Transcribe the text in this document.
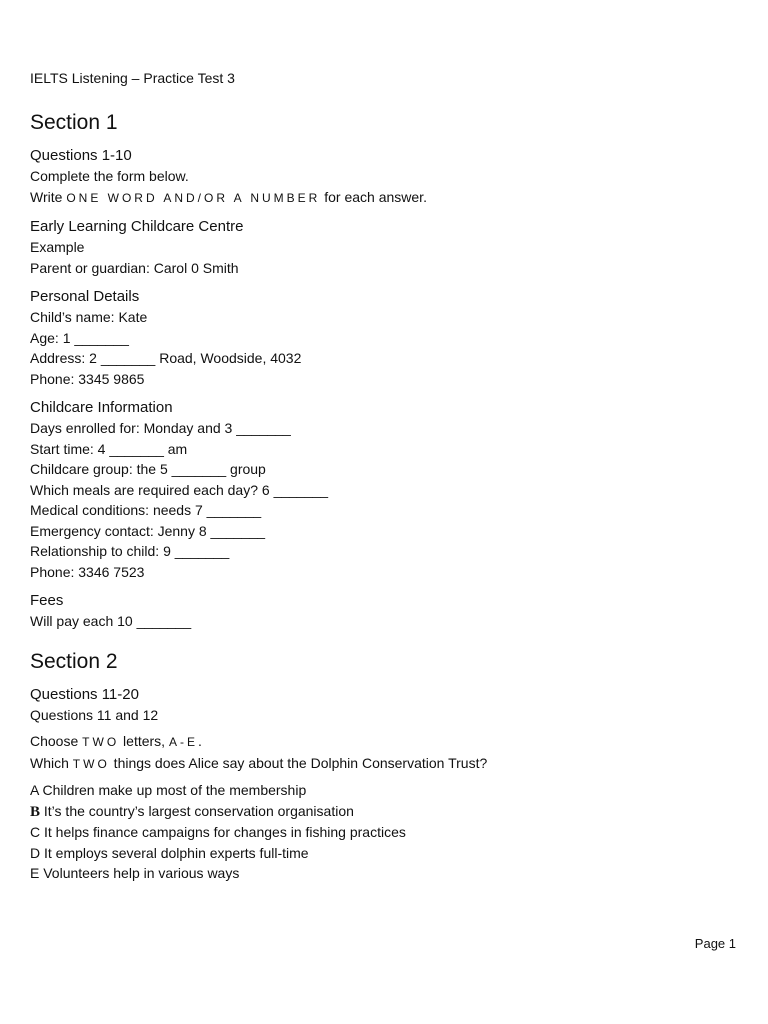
IELTS Listening – Practice Test 3
Section 1
Questions 1-10
Complete the form below.
Write ONE WORD AND/OR A NUMBER for each answer.
Early Learning Childcare Centre
Example
Parent or guardian: Carol 0 Smith
Personal Details
Child’s name: Kate
Age: 1 _______
Address: 2 _______ Road, Woodside, 4032
Phone: 3345 9865
Childcare Information
Days enrolled for: Monday and 3 _______
Start time: 4 _______ am
Childcare group: the 5 _______ group
Which meals are required each day? 6 _______
Medical conditions: needs 7 _______
Emergency contact: Jenny 8 _______
Relationship to child: 9 _______
Phone: 3346 7523
Fees
Will pay each 10 _______
Section 2
Questions 11-20
Questions 11 and 12
Choose TWO letters, A-E.
Which TWO things does Alice say about the Dolphin Conservation Trust?
A Children make up most of the membership
B It’s the country’s largest conservation organisation
C It helps finance campaigns for changes in fishing practices
D It employs several dolphin experts full-time
E Volunteers help in various ways
Page 1
